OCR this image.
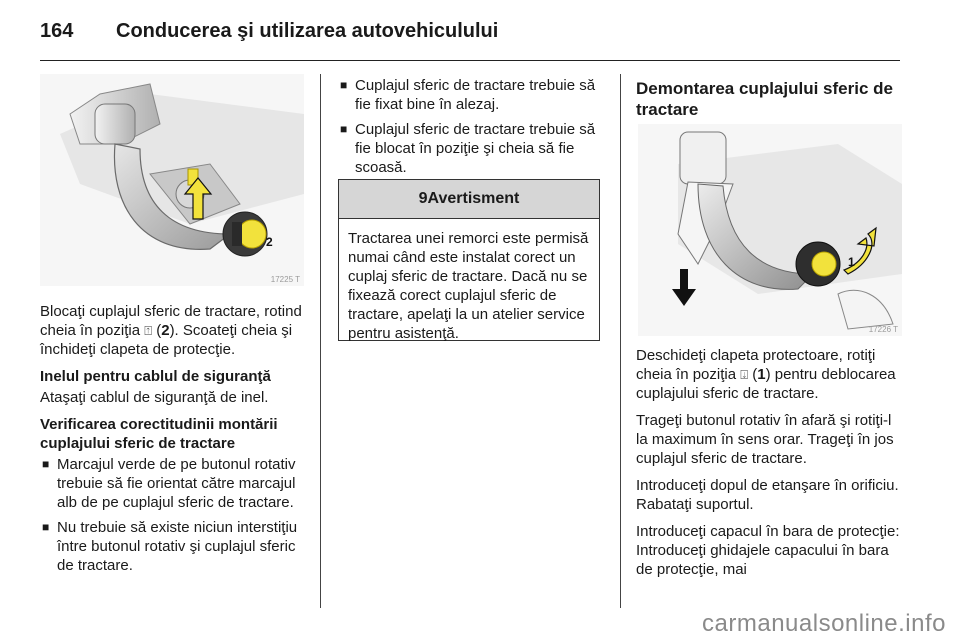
164 Conducerea şi utilizarea autovehiculului
2
17225 T

Blocaţi cuplajul sferic de tractare, rotind cheia în poziţia ⍐ (2). Scoateţi cheia şi închideţi clapeta de protecţie.

Inelul pentru cablul de siguranţă

Ataşaţi cablul de siguranţă de inel.

Verificarea corectitudinii montării cuplajului sferic de tractare

■ Marcajul verde de pe butonul rotativ trebuie să fie orientat către marcajul alb de pe cuplajul sferic de tractare.
■ Nu trebuie să existe niciun interstiţiu între butonul rotativ şi cuplajul sferic de tractare.
■ Cuplajul sferic de tractare trebuie să fie fixat bine în alezaj.
■ Cuplajul sferic de tractare trebuie să fie blocat în poziţie şi cheia să fie scoasă.
9Avertisment
Tractarea unei remorci este permisă numai când este instalat corect un cuplaj sferic de tractare. Dacă nu se fixează corect cuplajul sferic de tractare, apelaţi la un atelier service pentru asistenţă.
Demontarea cuplajului sferic de tractare
1
17226 T

Deschideţi clapeta protectoare, rotiţi cheia în poziţia ⍗ (1) pentru deblocarea cuplajului sferic de tractare.

Trageţi butonul rotativ în afară şi rotiţi-l la maximum în sens orar. Trageţi în jos cuplajul sferic de tractare.

Introduceţi dopul de etanşare în orificiu. Rabataţi suportul.

Introduceţi capacul în bara de protecţie: Introduceţi ghidajele capacului în bara de protecţie, mai

carmanualsonline.info
